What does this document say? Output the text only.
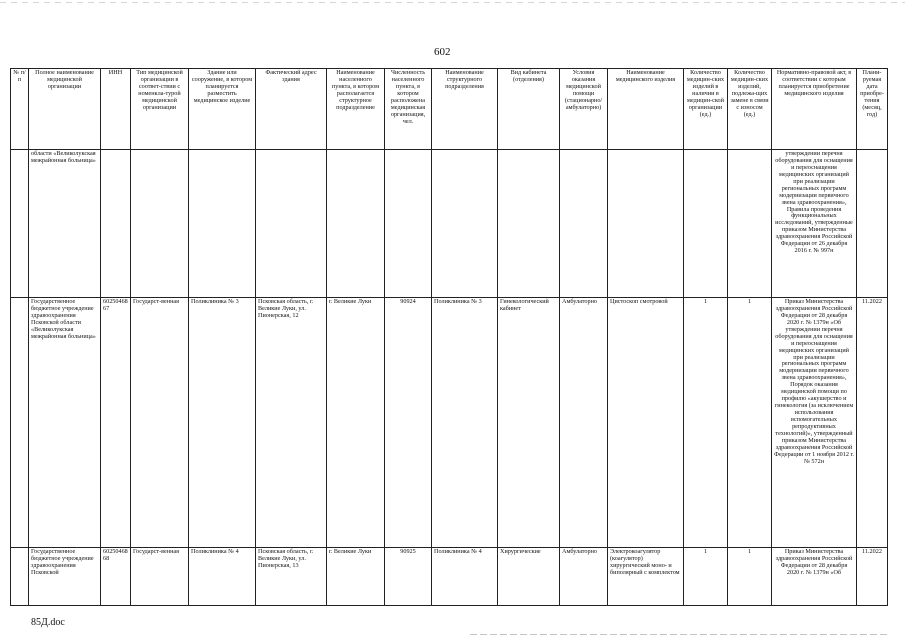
602
№ п/п	Полное наименование медицинской организации	ИНН	Тип медицинской организации в соответ-ствии с номенкла-турой медицинской организации	Здание или сооружение, в котором планируется разместить медицинское изделие	Фактический адрес здания	Наименование населенного пункта, в котором располагается структурное подразделение	Численность населенного пункта, в котором расположена медицинская организация, чел.	Наименование структурного подразделения	Вид кабинета (отделения)	Условия оказания медицинской помощи (стационарно/ амбулаторно)	Наименование медицинского изделия	Количество медицин-ских изделий в наличии в медицин-ской организации (ед.)	Количество медицин-ских изделий, подлежа-щих замене в связи с износом (ед.)	Нормативно-правовой акт, в соответствии с которым планируется приобретение медицинского изделия	Плани-руемая дата приобре-тения (месяц, год)
	области «Великолукская межрайонная больница»													утверждении перечня оборудования для оснащения и переоснащения медицинских организаций при реализации региональных программ модернизации первичного звена здравоохранения», Правила проведения функциональных исследований, утвержденные приказом Министерства здравоохранения Российской Федерации от 26 декабря 2016 г. № 997н	
	Государственное бюджетное учреждение здравоохранения Псковской области «Великолукская межрайонная больница»	6025046867	Государст-венная	Поликлиника № 3	Псковская область, г. Великие Луки, ул. Пионерская, 12	г. Великие Луки	90924	Поликлиника № 3	Гинекологический кабинет	Амбулаторно	Цистоскоп смотровой	1	1	Приказ Министерства здравоохранения Российской Федерации от 28 декабря 2020 г. № 1379н «Об утверждении перечня оборудования для оснащения и переоснащения медицинских организаций при реализации региональных программ модернизации первичного звена здравоохранения», Порядок оказания медицинской помощи по профилю «акушерство и гинекология (за исключением использования вспомогательных репродуктивных технологий)», утвержденный приказом Министерства здравоохранения Российской Федерации от 1 ноября 2012 г. № 572н	11.2022
	Государственное бюджетное учреждение здравоохранения Псковской	6025046868	Государст-венная	Поликлиника № 4	Псковская область, г. Великие Луки, ул. Пионерская, 13	г. Великие Луки	90925	Поликлиника № 4	Хирургические	Амбулаторно	Электрокоагулятор (коагулятор) хирургический моно- и биполярный с комплектом	1	1	Приказ Министерства здравоохранения Российской Федерации от 28 декабря 2020 г. № 1379н «Об	11.2022
85Д.doc
